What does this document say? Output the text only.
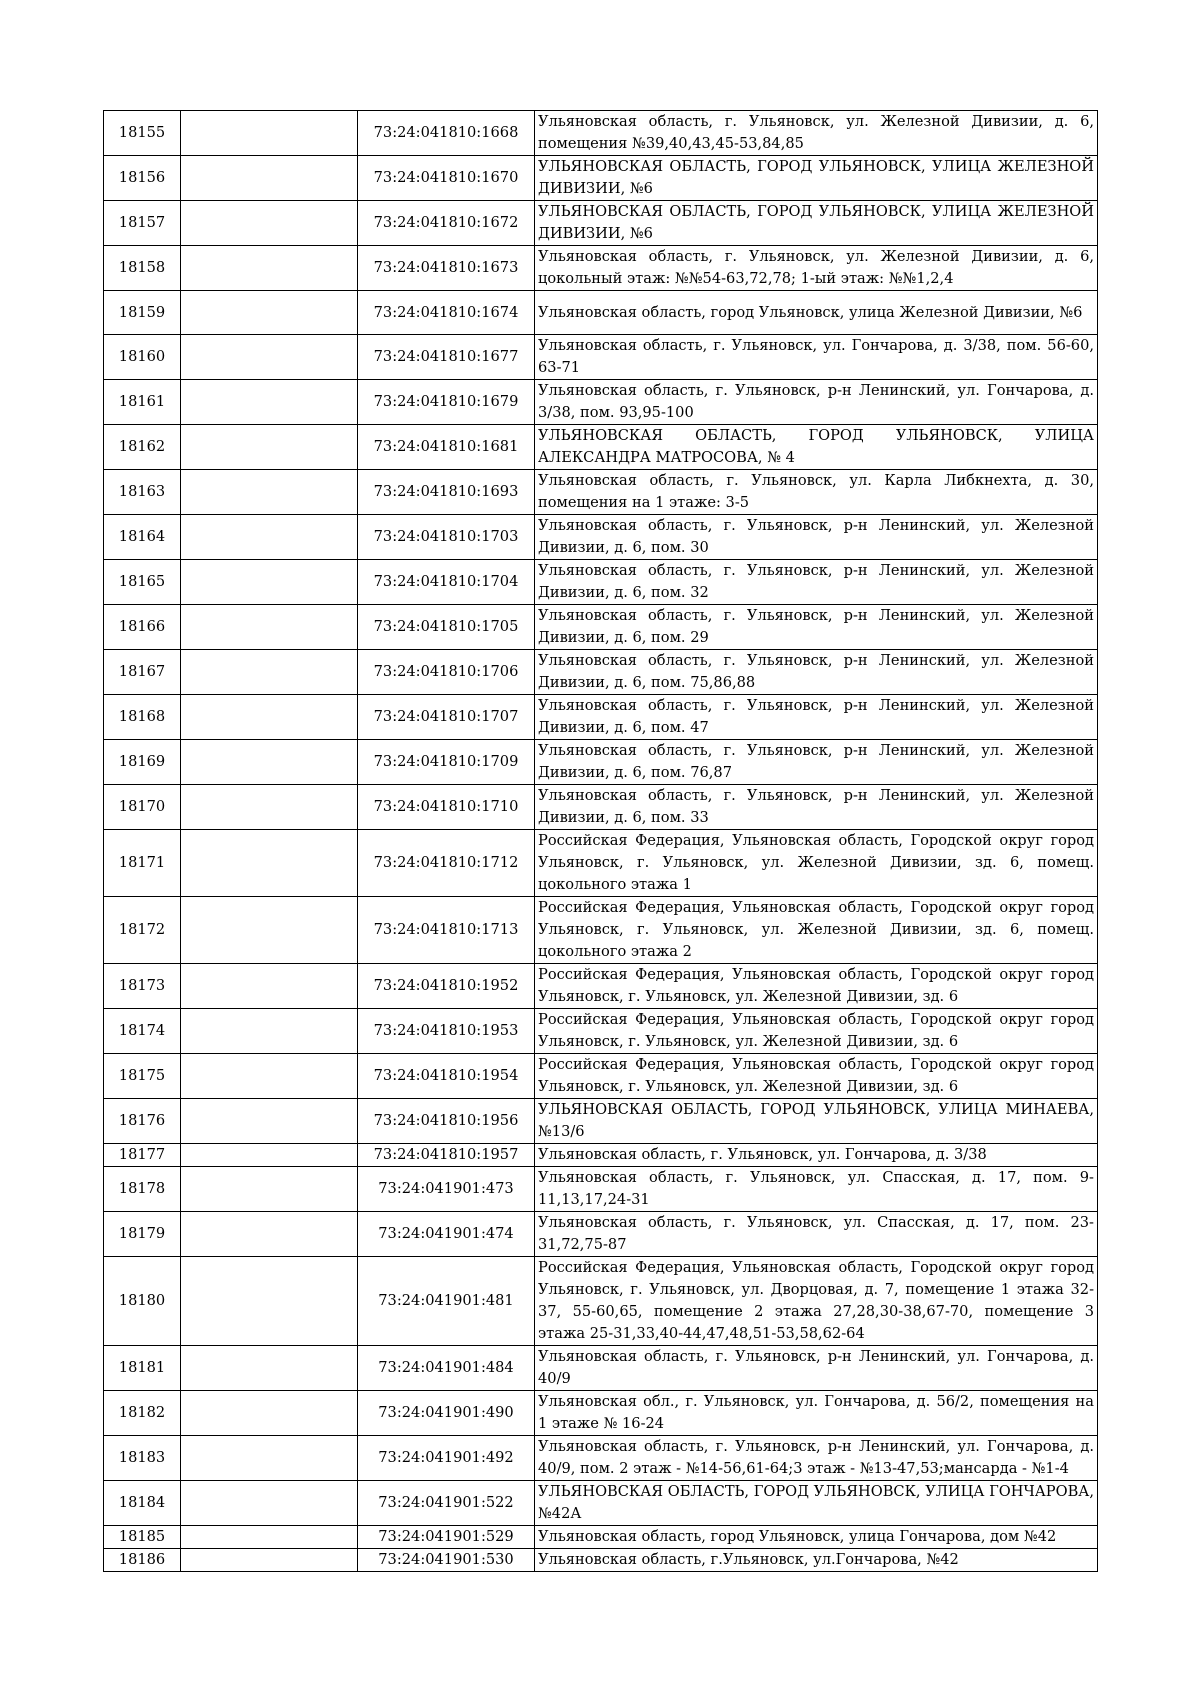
18155		73:24:041810:1668	Ульяновская область, г. Ульяновск, ул. Железной Дивизии, д. 6, помещения №39,40,43,45-53,84,85
18156		73:24:041810:1670	УЛЬЯНОВСКАЯ ОБЛАСТЬ, ГОРОД УЛЬЯНОВСК, УЛИЦА ЖЕЛЕЗНОЙ ДИВИЗИИ, №6
18157		73:24:041810:1672	УЛЬЯНОВСКАЯ ОБЛАСТЬ, ГОРОД УЛЬЯНОВСК, УЛИЦА ЖЕЛЕЗНОЙ ДИВИЗИИ, №6
18158		73:24:041810:1673	Ульяновская область, г. Ульяновск, ул. Железной Дивизии, д. 6, цокольный этаж: №№54-63,72,78; 1-ый этаж: №№1,2,4
18159		73:24:041810:1674	Ульяновская область, город Ульяновск, улица Железной Дивизии, №6
18160		73:24:041810:1677	Ульяновская область, г. Ульяновск, ул. Гончарова, д. 3/38, пом. 56-60, 63-71
18161		73:24:041810:1679	Ульяновская область, г. Ульяновск, р-н Ленинский, ул. Гончарова, д. 3/38, пом. 93,95-100
18162		73:24:041810:1681	УЛЬЯНОВСКАЯ ОБЛАСТЬ, ГОРОД УЛЬЯНОВСК, УЛИЦА АЛЕКСАНДРА МАТРОСОВА, № 4
18163		73:24:041810:1693	Ульяновская область, г. Ульяновск, ул. Карла Либкнехта, д. 30, помещения на 1 этаже: 3-5
18164		73:24:041810:1703	Ульяновская область, г. Ульяновск, р-н Ленинский, ул. Железной Дивизии, д. 6, пом. 30
18165		73:24:041810:1704	Ульяновская область, г. Ульяновск, р-н Ленинский, ул. Железной Дивизии, д. 6, пом. 32
18166		73:24:041810:1705	Ульяновская область, г. Ульяновск, р-н Ленинский, ул. Железной Дивизии, д. 6, пом. 29
18167		73:24:041810:1706	Ульяновская область, г. Ульяновск, р-н Ленинский, ул. Железной Дивизии, д. 6, пом. 75,86,88
18168		73:24:041810:1707	Ульяновская область, г. Ульяновск, р-н Ленинский, ул. Железной Дивизии, д. 6, пом. 47
18169		73:24:041810:1709	Ульяновская область, г. Ульяновск, р-н Ленинский, ул. Железной Дивизии, д. 6, пом. 76,87
18170		73:24:041810:1710	Ульяновская область, г. Ульяновск, р-н Ленинский, ул. Железной Дивизии, д. 6, пом. 33
18171		73:24:041810:1712	Российская Федерация, Ульяновская область, Городской округ город Ульяновск, г. Ульяновск, ул. Железной Дивизии, зд. 6, помещ. цокольного этажа 1
18172		73:24:041810:1713	Российская Федерация, Ульяновская область, Городской округ город Ульяновск, г. Ульяновск, ул. Железной Дивизии, зд. 6, помещ. цокольного этажа 2
18173		73:24:041810:1952	Российская Федерация, Ульяновская область, Городской округ город Ульяновск, г. Ульяновск, ул. Железной Дивизии, зд. 6
18174		73:24:041810:1953	Российская Федерация, Ульяновская область, Городской округ город Ульяновск, г. Ульяновск, ул. Железной Дивизии, зд. 6
18175		73:24:041810:1954	Российская Федерация, Ульяновская область, Городской округ город Ульяновск, г. Ульяновск, ул. Железной Дивизии, зд. 6
18176		73:24:041810:1956	УЛЬЯНОВСКАЯ ОБЛАСТЬ, ГОРОД УЛЬЯНОВСК, УЛИЦА МИНАЕВА, №13/6
18177		73:24:041810:1957	Ульяновская область, г. Ульяновск, ул. Гончарова, д. 3/38
18178		73:24:041901:473	Ульяновская область, г. Ульяновск, ул. Спасская, д. 17, пом. 9-11,13,17,24-31
18179		73:24:041901:474	Ульяновская область, г. Ульяновск, ул. Спасская, д. 17, пом. 23-31,72,75-87
18180		73:24:041901:481	Российская Федерация, Ульяновская область, Городской округ город Ульяновск, г. Ульяновск, ул. Дворцовая, д. 7, помещение 1 этажа 32-37, 55-60,65, помещение 2 этажа 27,28,30-38,67-70, помещение 3 этажа 25-31,33,40-44,47,48,51-53,58,62-64
18181		73:24:041901:484	Ульяновская область, г. Ульяновск, р-н Ленинский, ул. Гончарова, д. 40/9
18182		73:24:041901:490	Ульяновская обл., г. Ульяновск, ул. Гончарова, д. 56/2, помещения на 1 этаже № 16-24
18183		73:24:041901:492	Ульяновская область, г. Ульяновск, р-н Ленинский, ул. Гончарова, д. 40/9, пом. 2 этаж - №14-56,61-64;3 этаж - №13-47,53;мансарда - №1-4
18184		73:24:041901:522	УЛЬЯНОВСКАЯ ОБЛАСТЬ, ГОРОД УЛЬЯНОВСК, УЛИЦА ГОНЧАРОВА, №42А
18185		73:24:041901:529	Ульяновская область, город Ульяновск, улица Гончарова, дом №42
18186		73:24:041901:530	Ульяновская область, г.Ульяновск, ул.Гончарова, №42
